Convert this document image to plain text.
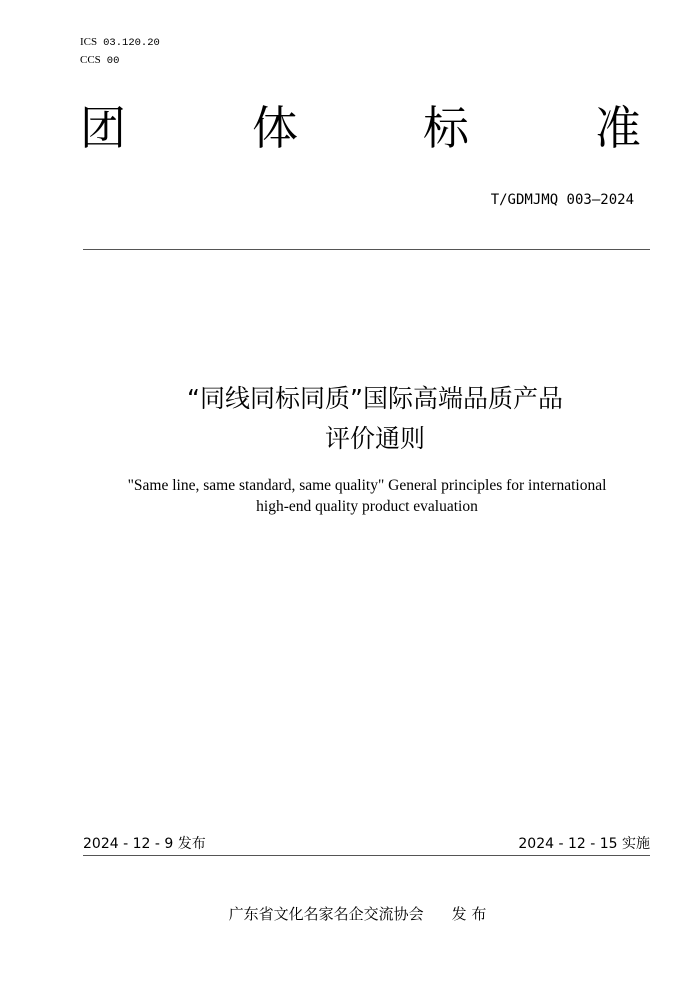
ICS 03.120.20
CCS 00
团	体	标	准
T/GDMJMQ 003—2024
“同线同标同质”国际高端品质产品
评价通则
"Same line, same standard, same quality" General principles for international
high-end quality product evaluation
2024 - 12 - 9 发布	2024 - 12 - 15 实施
广东省文化名家名企交流协会 发 布
